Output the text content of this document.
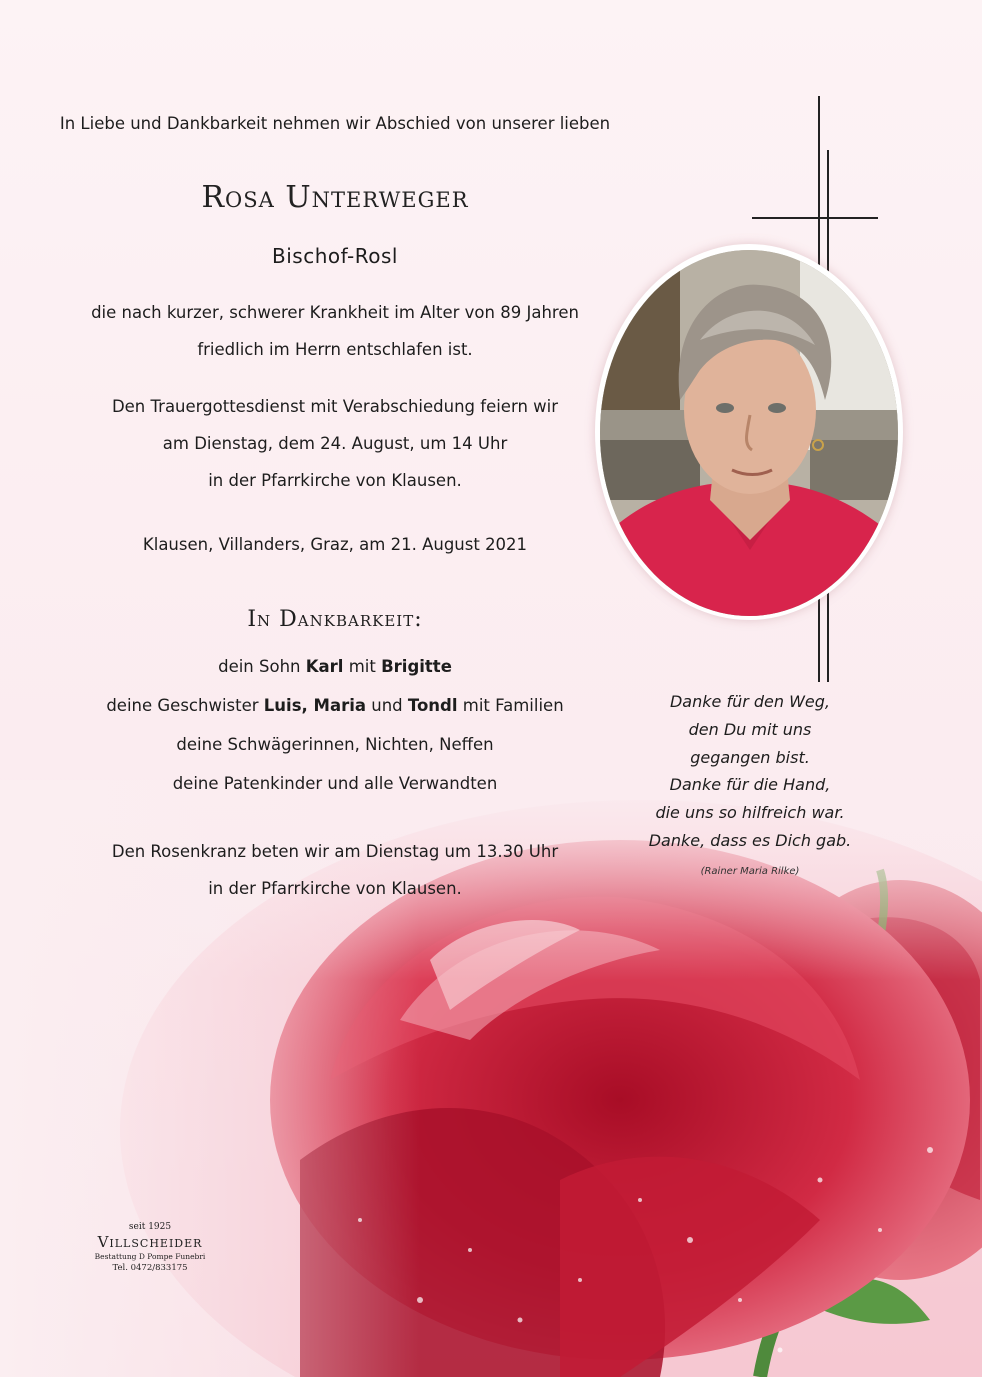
In Liebe und Dankbarkeit nehmen wir Abschied von unserer lieben
Rosa Unterweger
Bischof-Rosl
die nach kurzer, schwerer Krankheit im Alter von 89 Jahren
friedlich im Herrn entschlafen ist.
Den Trauergottesdienst mit Verabschiedung feiern wir
am Dienstag, dem 24. August, um 14 Uhr
in der Pfarrkirche von Klausen.
Klausen, Villanders, Graz, am 21. August 2021
In Dankbarkeit:
dein Sohn Karl mit Brigitte
deine Geschwister Luis, Maria und Tondl mit Familien
deine Schwägerinnen, Nichten, Neffen
deine Patenkinder und alle Verwandten
Den Rosenkranz beten wir am Dienstag um 13.30 Uhr
in der Pfarrkirche von Klausen.
Danke für den Weg,
den Du mit uns
gegangen bist.
Danke für die Hand,
die uns so hilfreich war.
Danke, dass es Dich gab.
(Rainer Maria Rilke)
seit 1925
Villscheider
Bestattung D Pompe Funebri
Tel. 0472/833175
